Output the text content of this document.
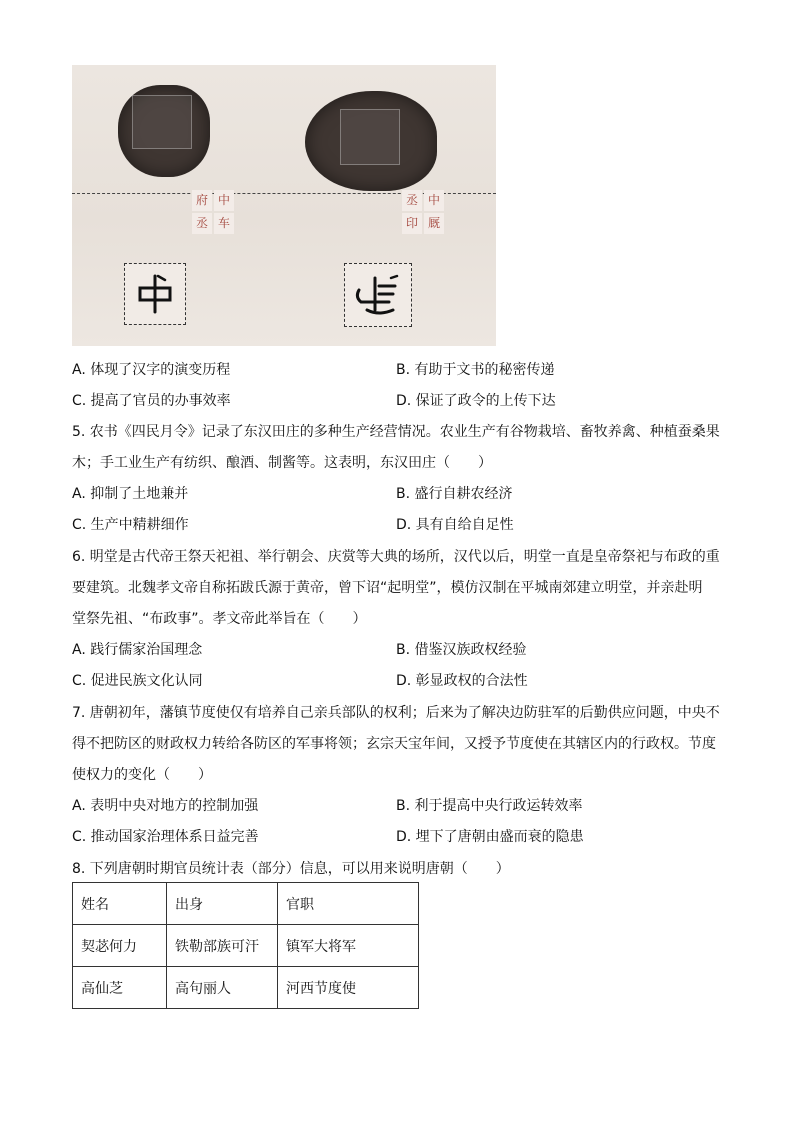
府 中
丞 车
丞 中
印 厩
A. 体现了汉字的演变历程	B. 有助于文书的秘密传递
C. 提高了官员的办事效率	D. 保证了政令的上传下达
5. 农书《四民月令》记录了东汉田庄的多种生产经营情况。农业生产有谷物栽培、畜牧养禽、种植蚕桑果
木；手工业生产有纺织、酿酒、制酱等。这表明，东汉田庄（　　）
A. 抑制了土地兼并	B. 盛行自耕农经济
C. 生产中精耕细作	D. 具有自给自足性
6. 明堂是古代帝王祭天祀祖、举行朝会、庆赏等大典的场所，汉代以后，明堂一直是皇帝祭祀与布政的重
要建筑。北魏孝文帝自称拓跋氏源于黄帝，曾下诏“起明堂”，模仿汉制在平城南郊建立明堂，并亲赴明
堂祭先祖、“布政事”。孝文帝此举旨在（　　）
A. 践行儒家治国理念	B. 借鉴汉族政权经验
C. 促进民族文化认同	D. 彰显政权的合法性
7. 唐朝初年，藩镇节度使仅有培养自己亲兵部队的权利；后来为了解决边防驻军的后勤供应问题，中央不
得不把防区的财政权力转给各防区的军事将领；玄宗天宝年间，又授予节度使在其辖区内的行政权。节度
使权力的变化（　　）
A. 表明中央对地方的控制加强	B. 利于提高中央行政运转效率
C. 推动国家治理体系日益完善	D. 埋下了唐朝由盛而衰的隐患
8. 下列唐朝时期官员统计表（部分）信息，可以用来说明唐朝（　　）
姓名	出身	官职
契苾何力	铁勒部族可汗	镇军大将军
高仙芝	高句丽人	河西节度使
